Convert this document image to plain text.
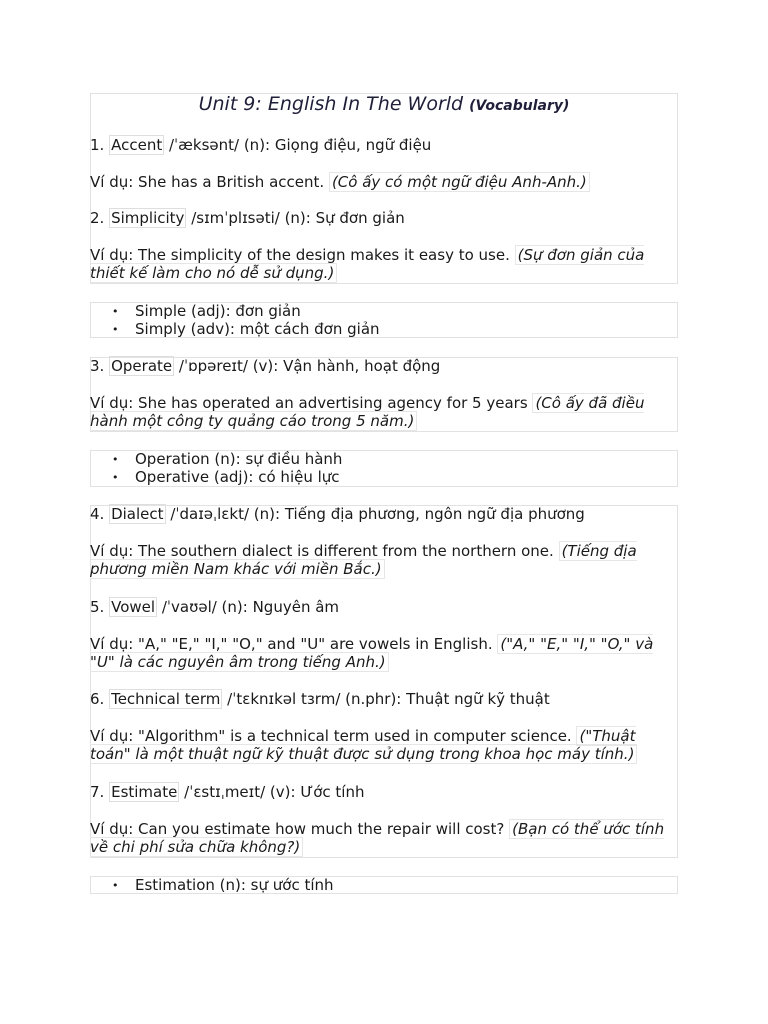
Unit 9: English In The World (Vocabulary)
1. Accent /ˈæksənt/ (n): Giọng điệu, ngữ điệu
Ví dụ: She has a British accent. (Cô ấy có một ngữ điệu Anh-Anh.)
2. Simplicity /sɪmˈplɪsəti/ (n): Sự đơn giản
Ví dụ: The simplicity of the design makes it easy to use. (Sự đơn giản của thiết kế làm cho nó dễ sử dụng.)
• Simple (adj): đơn giản
• Simply (adv): một cách đơn giản
3. Operate /ˈɒpəreɪt/ (v): Vận hành, hoạt động
Ví dụ: She has operated an advertising agency for 5 years (Cô ấy đã điều hành một công ty quảng cáo trong 5 năm.)
• Operation (n): sự điều hành
• Operative (adj): có hiệu lực
4. Dialect /ˈdaɪəˌlɛkt/ (n): Tiếng địa phương, ngôn ngữ địa phương
Ví dụ: The southern dialect is different from the northern one. (Tiếng địa phương miền Nam khác với miền Bắc.)
5. Vowel /ˈvaʊəl/ (n): Nguyên âm
Ví dụ: "A," "E," "I," "O," and "U" are vowels in English. ("A," "E," "I," "O," và "U" là các nguyên âm trong tiếng Anh.)
6. Technical term /ˈtɛknɪkəl tɜrm/ (n.phr): Thuật ngữ kỹ thuật
Ví dụ: "Algorithm" is a technical term used in computer science. ("Thuật toán" là một thuật ngữ kỹ thuật được sử dụng trong khoa học máy tính.)
7. Estimate /ˈɛstɪˌmeɪt/ (v): Ước tính
Ví dụ: Can you estimate how much the repair will cost? (Bạn có thể ước tính về chi phí sửa chữa không?)
• Estimation (n): sự ước tính
